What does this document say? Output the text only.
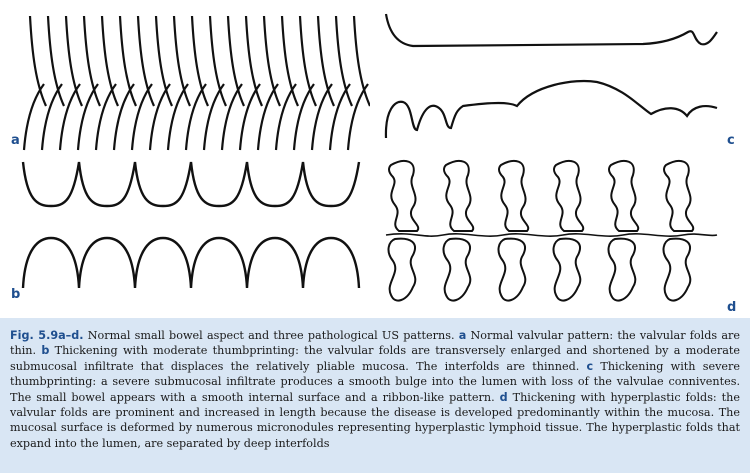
a
b
c
d
Fig. 5.9a–d. Normal small bowel aspect and three pathological US patterns. a Normal valvular pattern: the valvular folds are thin. b Thickening with moderate thumbprinting: the valvular folds are transversely enlarged and shortened by a moderate submucosal infiltrate that displaces the relatively pliable mucosa. The interfolds are thinned. c Thickening with severe thumbprinting: a severe submucosal infiltrate produces a smooth bulge into the lumen with loss of the valvulae conniventes. The small bowel appears with a smooth internal surface and a ribbon-like pattern. d Thickening with hyperplastic folds: the valvular folds are prominent and increased in length because the disease is developed predominantly within the mucosa. The mucosal surface is deformed by numerous micronodules representing hyperplastic lymphoid tissue. The hyperplastic folds that expand into the lumen, are separated by deep interfolds
